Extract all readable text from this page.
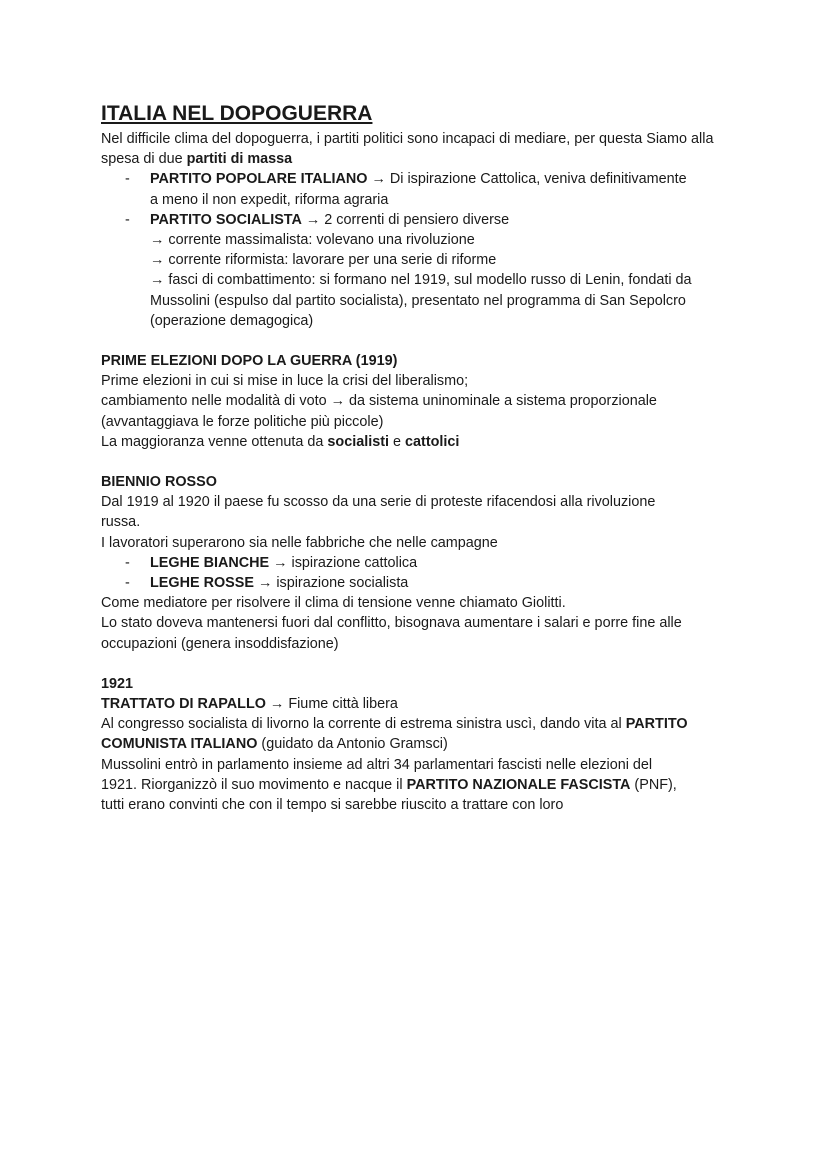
ITALIA NEL DOPOGUERRA

Nel difficile clima del dopoguerra, i partiti politici sono incapaci di mediare, per questa Siamo alla spesa di due partiti di massa

- PARTITO POPOLARE ITALIANO → Di ispirazione Cattolica, veniva definitivamente
a meno il non expedit, riforma agraria
- PARTITO SOCIALISTA → 2 correnti di pensiero diverse
→ corrente massimalista: volevano una rivoluzione
→ corrente riformista: lavorare per una serie di riforme
→ fasci di combattimento: si formano nel 1919, sul modello russo di Lenin, fondati da
Mussolini (espulso dal partito socialista), presentato nel programma di San Sepolcro
(operazione demagogica)

PRIME ELEZIONI DOPO LA GUERRA (1919)

Prime elezioni in cui si mise in luce la crisi del liberalismo;

cambiamento nelle modalità di voto → da sistema uninominale a sistema proporzionale

(avvantaggiava le forze politiche più piccole)

La maggioranza venne ottenuta da socialisti e cattolici

BIENNIO ROSSO

Dal 1919 al 1920 il paese fu scosso da una serie di proteste rifacendosi alla rivoluzione

russa.

I lavoratori superarono sia nelle fabbriche che nelle campagne

- LEGHE BIANCHE → ispirazione cattolica
- LEGHE ROSSE → ispirazione socialista

Come mediatore per risolvere il clima di tensione venne chiamato Giolitti.

Lo stato doveva mantenersi fuori dal conflitto, bisognava aumentare i salari e porre fine alle

occupazioni (genera insoddisfazione)

1921

TRATTATO DI RAPALLO → Fiume città libera

Al congresso socialista di livorno la corrente di estrema sinistra uscì, dando vita al PARTITO

COMUNISTA ITALIANO (guidato da Antonio Gramsci)

Mussolini entrò in parlamento insieme ad altri 34 parlamentari fascisti nelle elezioni del

1921. Riorganizzò il suo movimento e nacque il PARTITO NAZIONALE FASCISTA (PNF),

tutti erano convinti che con il tempo si sarebbe riuscito a trattare con loro
